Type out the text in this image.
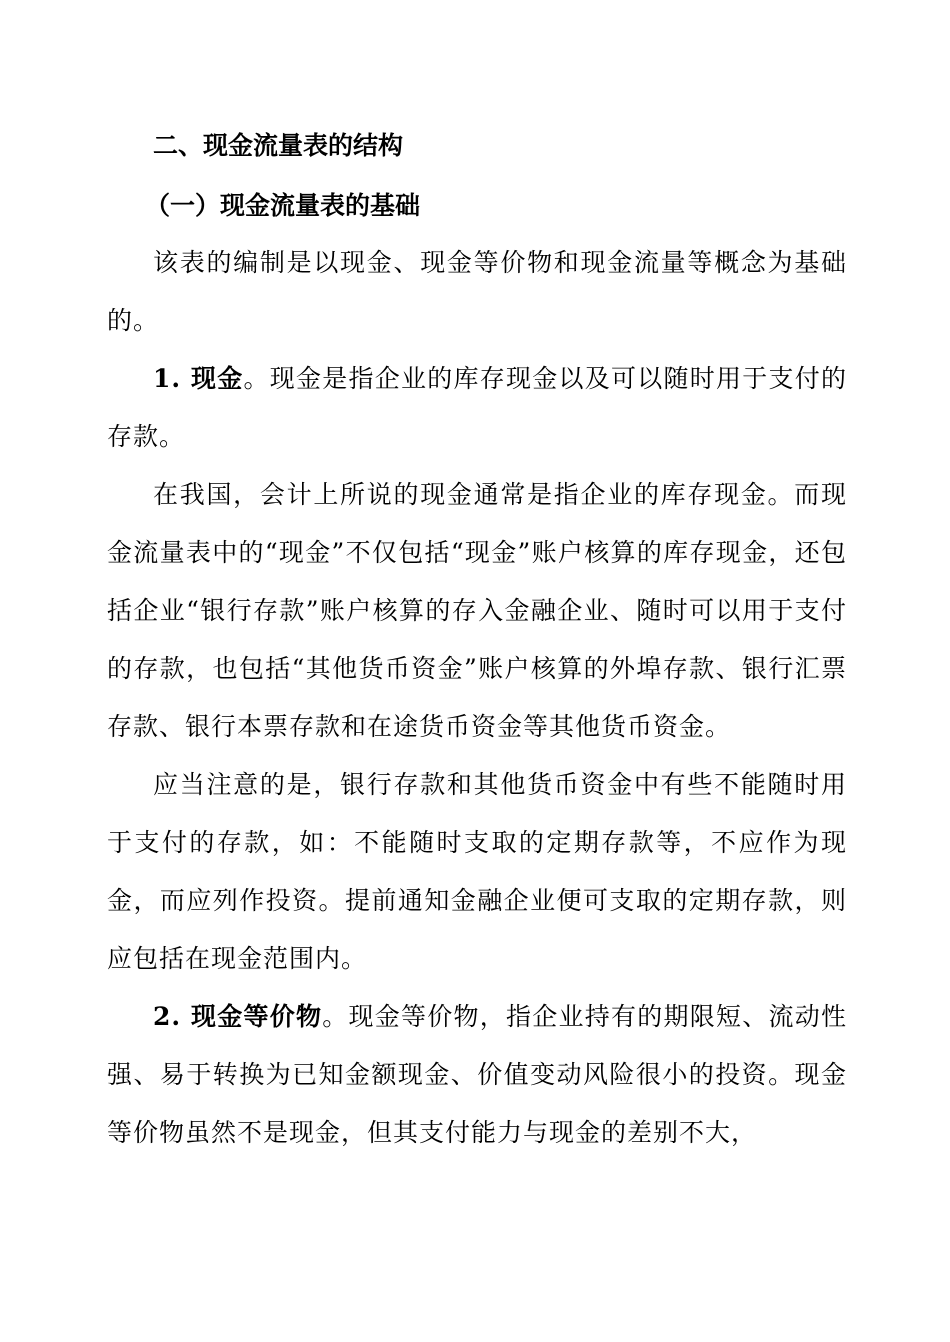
二、现金流量表的结构

（一）现金流量表的基础

该表的编制是以现金、现金等价物和现金流量等概念为基础的。

1. 现金。现金是指企业的库存现金以及可以随时用于支付的存款。

在我国，会计上所说的现金通常是指企业的库存现金。而现金流量表中的“现金”不仅包括“现金”账户核算的库存现金，还包括企业“银行存款”账户核算的存入金融企业、随时可以用于支付的存款，也包括“其他货币资金”账户核算的外埠存款、银行汇票存款、银行本票存款和在途货币资金等其他货币资金。

应当注意的是，银行存款和其他货币资金中有些不能随时用于支付的存款，如：不能随时支取的定期存款等，不应作为现金，而应列作投资。提前通知金融企业便可支取的定期存款，则应包括在现金范围内。

2. 现金等价物。现金等价物，指企业持有的期限短、流动性强、易于转换为已知金额现金、价值变动风险很小的投资。现金等价物虽然不是现金，但其支付能力与现金的差别不大，
